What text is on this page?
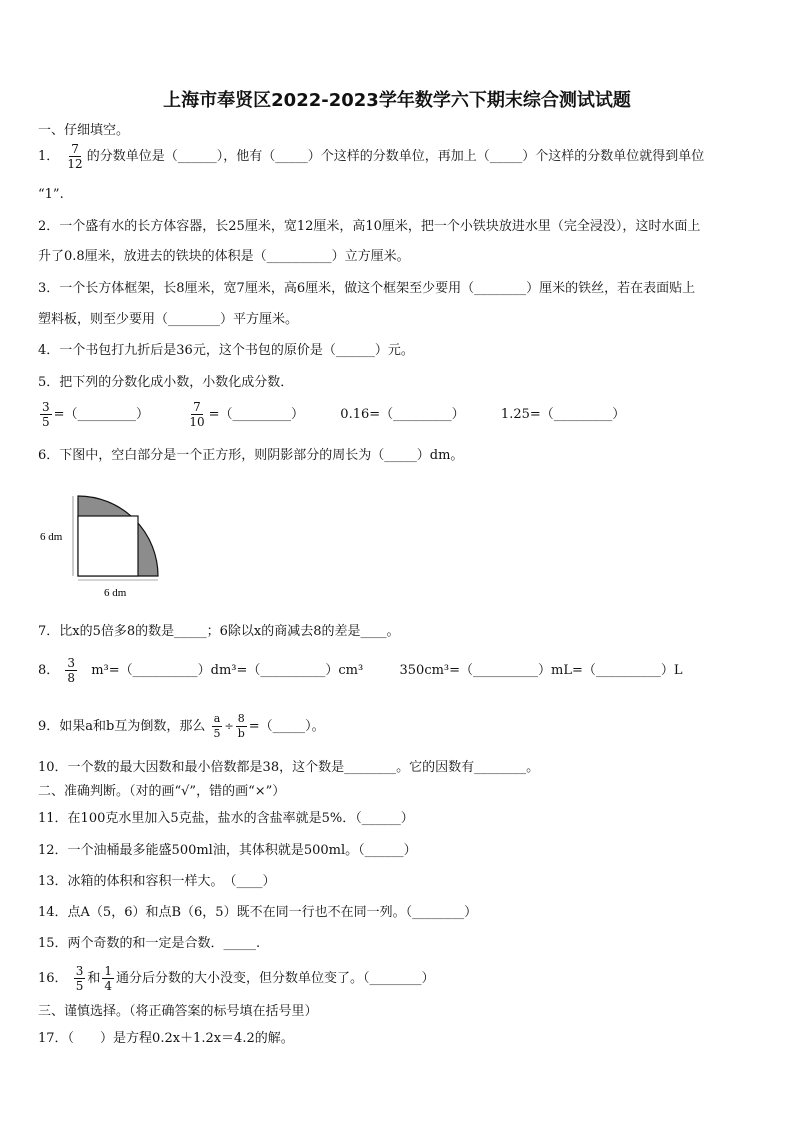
上海市奉贤区2022-2023学年数学六下期末综合测试试题
一、仔细填空。
1． $\frac{7}{12}$ 的分数单位是（______），他有（_____）个这样的分数单位，再加上（_____）个这样的分数单位就得到单位
“1”.
2．一个盛有水的长方体容器，长25厘米，宽12厘米，高10厘米，把一个小铁块放进水里（完全浸没），这时水面上
升了0.8厘米，放进去的铁块的体积是（__________）立方厘米。
3．一个长方体框架，长8厘米，宽7厘米，高6厘米，做这个框架至少要用（________）厘米的铁丝，若在表面贴上
塑料板，则至少要用（________）平方厘米。
4．一个书包打九折后是36元，这个书包的原价是（______）元。
5．把下列的分数化成小数，小数化成分数．
$\frac{3}{5}$ =（_________）	$\frac{7}{10}$ =（_________）	0.16=（_________）	1.25=（_________）
6．下图中，空白部分是一个正方形，则阴影部分的周长为（_____）dm。
6 dm
6 dm
7．比x的5倍多8的数是_____；6除以x的商减去8的差是____。
8． $\frac{3}{8}$ m³=（__________）dm³=（__________）cm³	350cm³=（__________）mL=（__________）L
9．如果a和b互为倒数，那么 $\frac{a}{5} \div \frac{8}{b}$ =（_____）。
10．一个数的最大因数和最小倍数都是38，这个数是________。它的因数有________。
二、准确判断。（对的画“√”，错的画“×”）
11．在100克水里加入5克盐，盐水的含盐率就是5%．（______）
12．一个油桶最多能盛500ml油，其体积就是500ml。（______）
13．冰箱的体积和容积一样大。　（____）
14．点A（5，6）和点B（6，5）既不在同一行也不在同一列。（________）
15．两个奇数的和一定是合数．_____.
16． $\frac{3}{5}$ 和 $\frac{1}{4}$ 通分后分数的大小没变，但分数单位变了。（________）
三、谨慎选择。（将正确答案的标号填在括号里）
17．（　　）是方程0.2x＋1.2x＝4.2的解。
